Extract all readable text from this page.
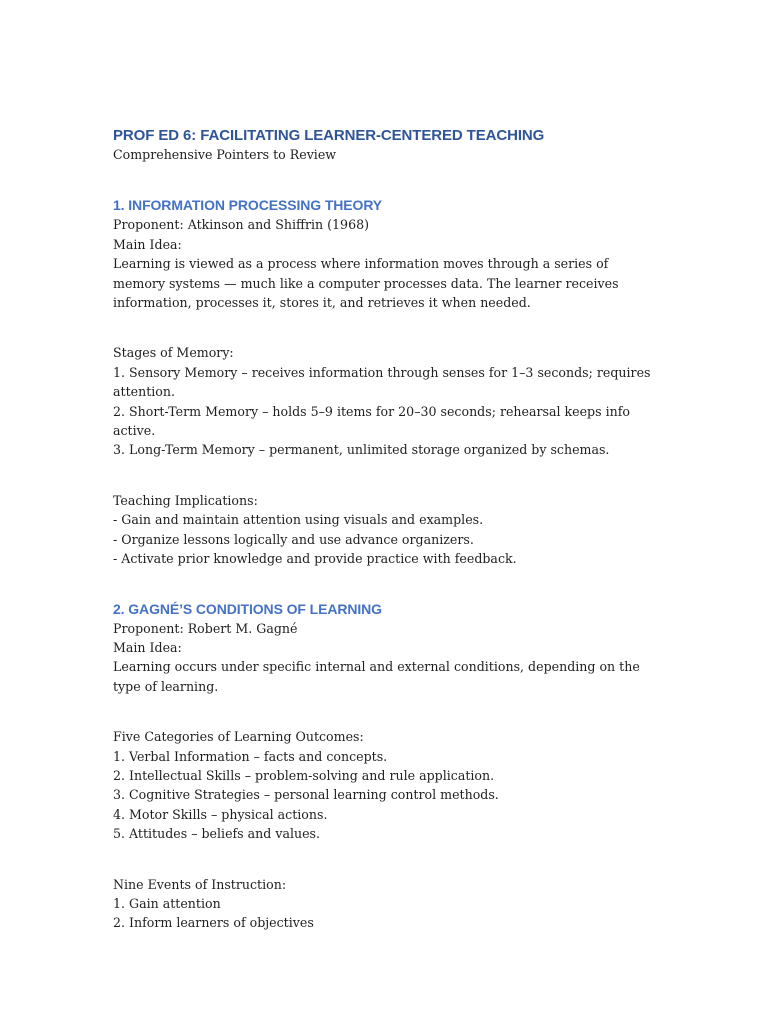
PROF ED 6: FACILITATING LEARNER-CENTERED TEACHING

Comprehensive Pointers to Review

1. INFORMATION PROCESSING THEORY

Proponent: Atkinson and Shiffrin (1968)

Main Idea:

Learning is viewed as a process where information moves through a series of memory systems — much like a computer processes data. The learner receives information, processes it, stores it, and retrieves it when needed.

Stages of Memory:

1. Sensory Memory – receives information through senses for 1–3 seconds; requires attention.
2. Short-Term Memory – holds 5–9 items for 20–30 seconds; rehearsal keeps info active.
3. Long-Term Memory – permanent, unlimited storage organized by schemas.

Teaching Implications:

- Gain and maintain attention using visuals and examples.
- Organize lessons logically and use advance organizers.
- Activate prior knowledge and provide practice with feedback.
2. GAGNÉ’S CONDITIONS OF LEARNING

Proponent: Robert M. Gagné

Main Idea:

Learning occurs under specific internal and external conditions, depending on the type of learning.

Five Categories of Learning Outcomes:

1. Verbal Information – facts and concepts.
2. Intellectual Skills – problem-solving and rule application.
3. Cognitive Strategies – personal learning control methods.
4. Motor Skills – physical actions.
5. Attitudes – beliefs and values.

Nine Events of Instruction:

1. Gain attention
2. Inform learners of objectives
